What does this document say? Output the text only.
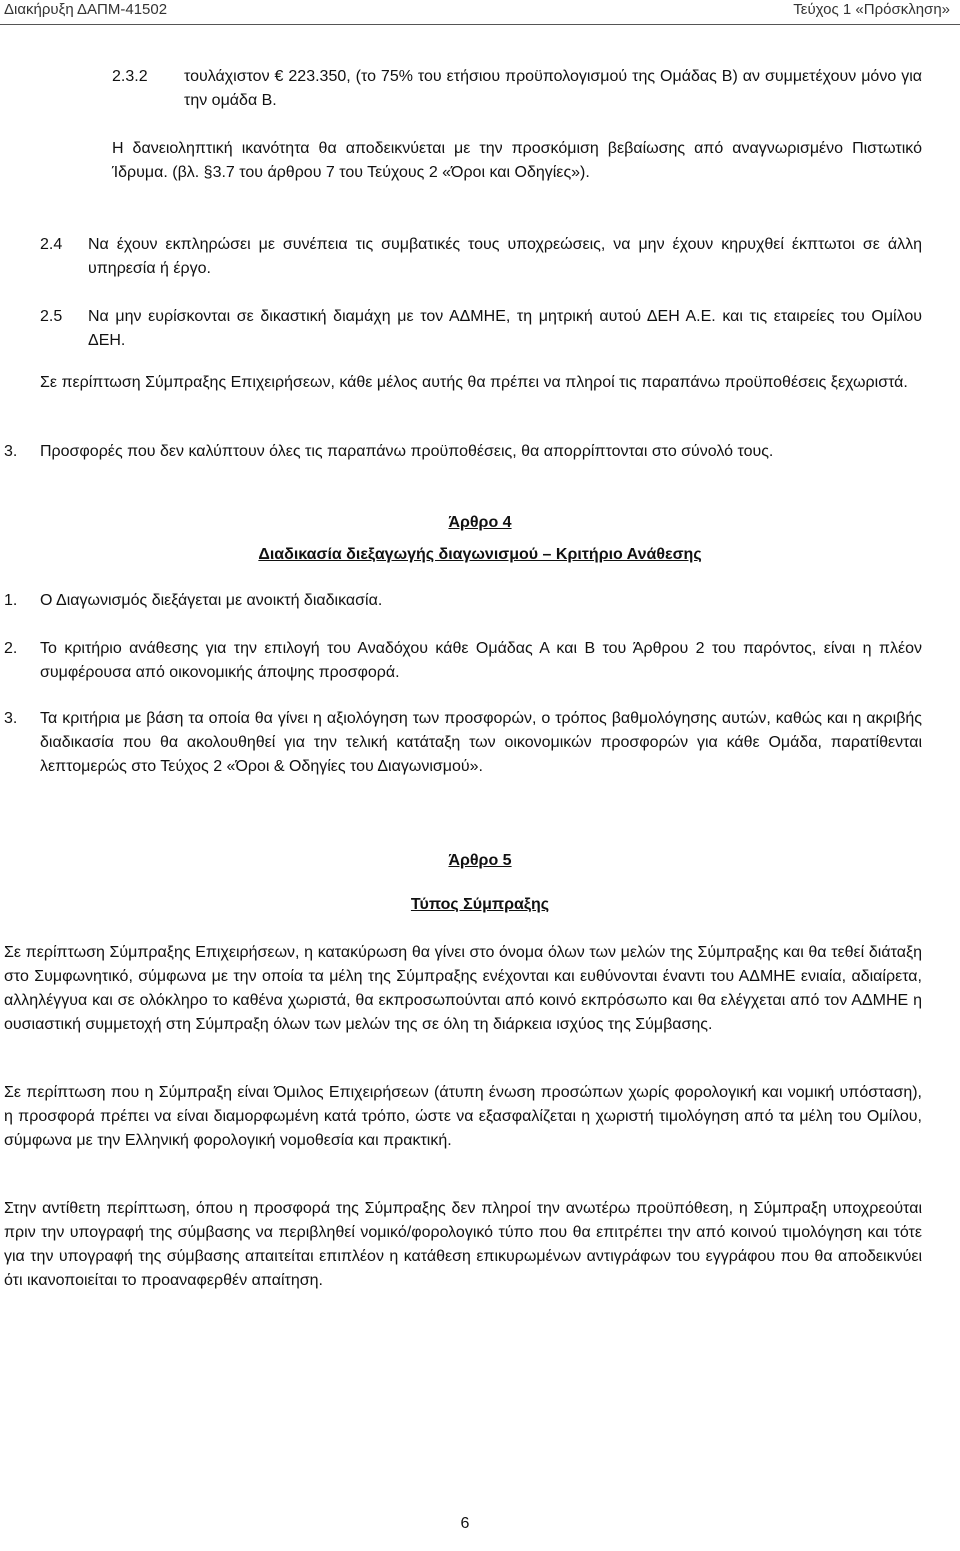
Διακήρυξη ΔΑΠΜ-41502	Τεύχος 1 «Πρόσκληση»
2.3.2 τουλάχιστον € 223.350, (το 75% του ετήσιου προϋπολογισμού της Ομάδας Β) αν συμμετέχουν μόνο για την ομάδα Β.
Η δανειοληπτική ικανότητα θα αποδεικνύεται με την προσκόμιση βεβαίωσης από αναγνωρισμένο Πιστωτικό Ίδρυμα. (βλ. §3.7 του άρθρου 7 του Τεύχους 2 «Όροι και Οδηγίες»).
2.4 Να έχουν εκπληρώσει με συνέπεια τις συμβατικές τους υποχρεώσεις, να μην έχουν κηρυχθεί έκπτωτοι σε άλλη υπηρεσία ή έργο.
2.5 Να μην ευρίσκονται σε δικαστική διαμάχη με τον ΑΔΜΗΕ, τη μητρική αυτού ΔΕΗ Α.Ε. και τις εταιρείες του Ομίλου ΔΕΗ.
Σε περίπτωση Σύμπραξης Επιχειρήσεων, κάθε μέλος αυτής θα πρέπει να πληροί τις παραπάνω προϋποθέσεις ξεχωριστά.
3. Προσφορές που δεν καλύπτουν όλες τις παραπάνω προϋποθέσεις, θα απορρίπτονται στο σύνολό τους.
Άρθρο 4
Διαδικασία διεξαγωγής διαγωνισμού – Κριτήριο Ανάθεσης
1. Ο Διαγωνισμός διεξάγεται με ανοικτή διαδικασία.
2. Το κριτήριο ανάθεσης για την επιλογή του Αναδόχου κάθε Ομάδας Α και Β του Άρθρου 2 του παρόντος, είναι η πλέον συμφέρουσα από οικονομικής άποψης προσφορά.
3. Τα κριτήρια με βάση τα οποία θα γίνει η αξιολόγηση των προσφορών, ο τρόπος βαθμολόγησης αυτών, καθώς και η ακριβής διαδικασία που θα ακολουθηθεί για την τελική κατάταξη των οικονομικών προσφορών για κάθε Ομάδα, παρατίθενται λεπτομερώς στο Τεύχος 2 «Όροι & Οδηγίες του Διαγωνισμού».
Άρθρο 5
Τύπος Σύμπραξης
Σε περίπτωση Σύμπραξης Επιχειρήσεων, η κατακύρωση θα γίνει στο όνομα όλων των μελών της Σύμπραξης και θα τεθεί διάταξη στο Συμφωνητικό, σύμφωνα με την οποία τα μέλη της Σύμπραξης ενέχονται και ευθύνονται έναντι του ΑΔΜΗΕ ενιαία, αδιαίρετα, αλληλέγγυα και σε ολόκληρο το καθένα χωριστά, θα εκπροσωπούνται από κοινό εκπρόσωπο και θα ελέγχεται από τον ΑΔΜΗΕ η ουσιαστική συμμετοχή στη Σύμπραξη όλων των μελών της σε όλη τη διάρκεια ισχύος της Σύμβασης.
Σε περίπτωση που η Σύμπραξη είναι Όμιλος Επιχειρήσεων (άτυπη ένωση προσώπων χωρίς φορολογική και νομική υπόσταση), η προσφορά πρέπει να είναι διαμορφωμένη κατά τρόπο, ώστε να εξασφαλίζεται η χωριστή τιμολόγηση από τα μέλη του Ομίλου, σύμφωνα με την Ελληνική φορολογική νομοθεσία και πρακτική.
Στην αντίθετη περίπτωση, όπου η προσφορά της Σύμπραξης δεν πληροί την ανωτέρω προϋπόθεση, η Σύμπραξη υποχρεούται πριν την υπογραφή της σύμβασης να περιβληθεί νομικό/φορολογικό τύπο που θα επιτρέπει την από κοινού τιμολόγηση και τότε για την υπογραφή της σύμβασης απαιτείται επιπλέον η κατάθεση επικυρωμένων αντιγράφων του εγγράφου που θα αποδεικνύει ότι ικανοποιείται το προαναφερθέν απαίτηση.
6
